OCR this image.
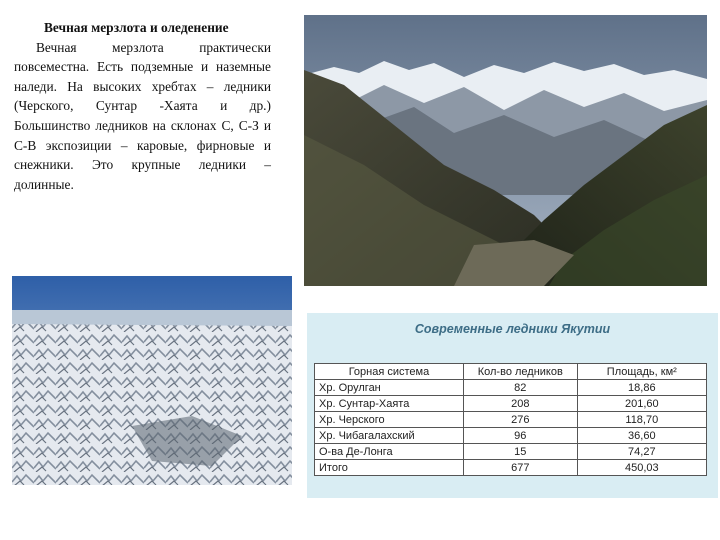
Вечная мерзлота и оледенение

Вечная мерзлота практически повсеместна. Есть подземные и наземные наледи. На высоких хребтах – ледники (Черского, Сунтар -Хаята и др.) Большинство ледников на склонах С, С-З и С-В экспозиции – каровые, фирновые и снежники. Это крупные ледники – долинные.

Современные ледники Якутии
Горная система	Кол-во ледников	Площадь, км²
Хр. Орулган	82	18,86
Хр. Сунтар-Хаята	208	201,60
Хр. Черского	276	118,70
Хр. Чибагалахский	96	36,60
О-ва Де-Лонга	15	74,27
Итого	677	450,03
